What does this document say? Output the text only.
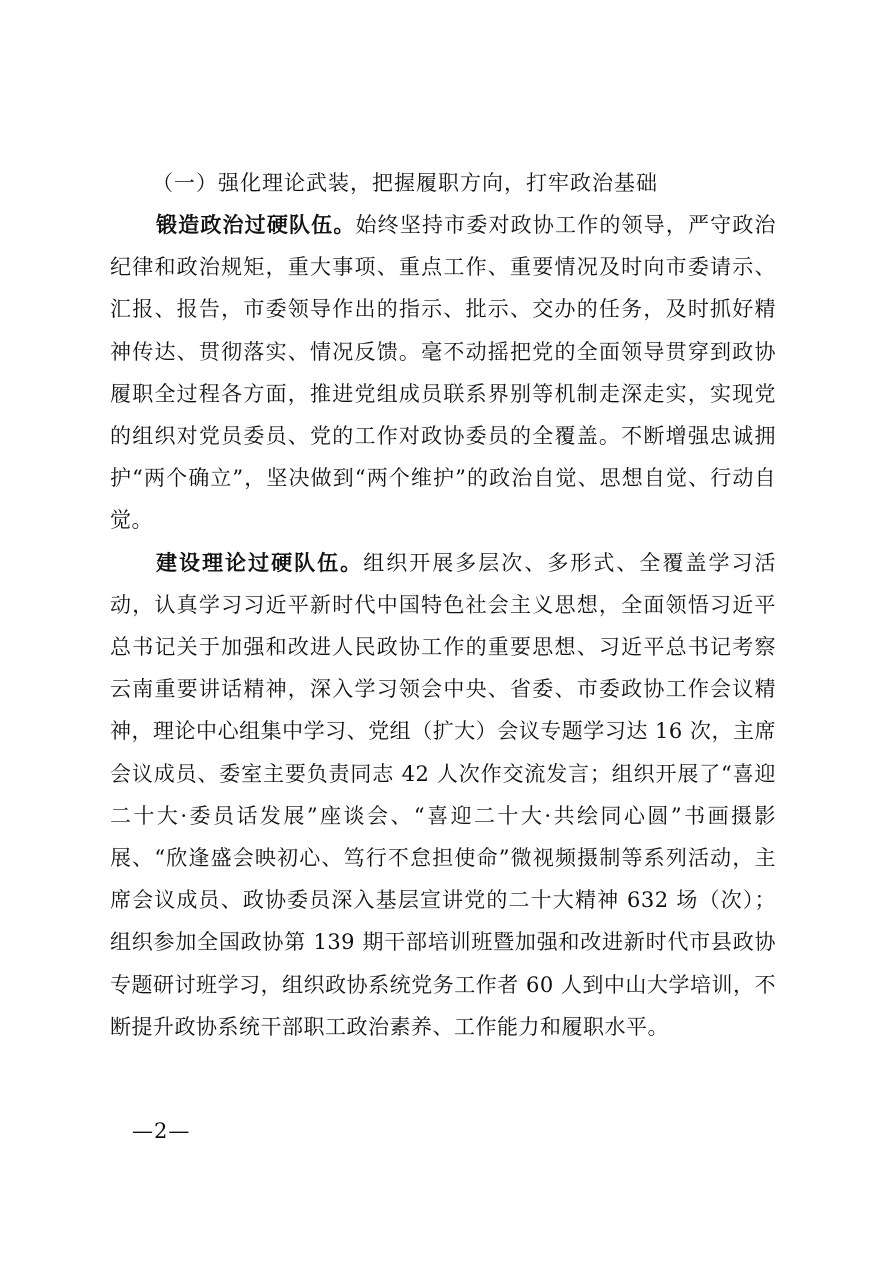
（一）强化理论武装，把握履职方向，打牢政治基础

锻造政治过硬队伍。始终坚持市委对政协工作的领导，严守政治纪律和政治规矩，重大事项、重点工作、重要情况及时向市委请示、汇报、报告，市委领导作出的指示、批示、交办的任务，及时抓好精神传达、贯彻落实、情况反馈。毫不动摇把党的全面领导贯穿到政协履职全过程各方面，推进党组成员联系界别等机制走深走实，实现党的组织对党员委员、党的工作对政协委员的全覆盖。不断增强忠诚拥护“两个确立”，坚决做到“两个维护”的政治自觉、思想自觉、行动自觉。

建设理论过硬队伍。组织开展多层次、多形式、全覆盖学习活动，认真学习习近平新时代中国特色社会主义思想，全面领悟习近平总书记关于加强和改进人民政协工作的重要思想、习近平总书记考察云南重要讲话精神，深入学习领会中央、省委、市委政协工作会议精神，理论中心组集中学习、党组（扩大）会议专题学习达 16 次，主席会议成员、委室主要负责同志 42 人次作交流发言；组织开展了“喜迎二十大·委员话发展”座谈会、“喜迎二十大·共绘同心圆”书画摄影展、“欣逢盛会映初心、笃行不怠担使命”微视频摄制等系列活动，主席会议成员、政协委员深入基层宣讲党的二十大精神 632 场（次）；组织参加全国政协第 139 期干部培训班暨加强和改进新时代市县政协专题研讨班学习，组织政协系统党务工作者 60 人到中山大学培训，不断提升政协系统干部职工政治素养、工作能力和履职水平。

—2—
